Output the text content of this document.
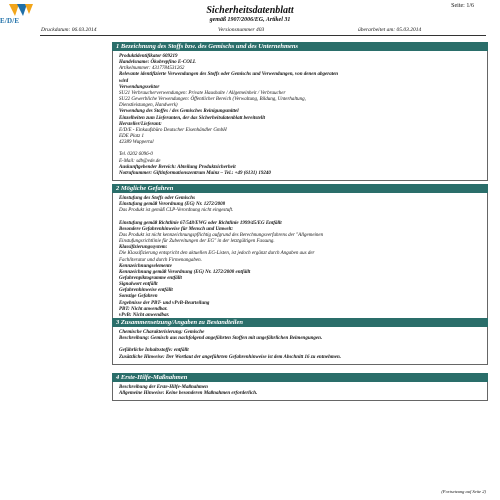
E/D/E
Seite: 1/6
Sicherheitsdatenblatt
gemäß 1907/2006/EG, Artikel 31
Druckdatum: 06.03.2014	Versionsnummer 403	überarbeitet am: 05.03.2014
1 Bezeichnung des Stoffs bzw. des Gemischs und des Unternehmens
Produktidentifikator 609219
Handelsname: Ökobrepfino E-COLL
Artikelnummer: 4317784531262
Relevante identifizierte Verwendungen des Stoffs oder Gemischs und Verwendungen, von denen abgeraten
wird
Verwendungssektor
SU21 Verbraucherverwendungen: Private Haushalte / Allgemeinheit / Verbraucher
SU22 Gewerbliche Verwendungen: Öffentlicher Bereich (Verwaltung, Bildung, Unterhaltung,
Dienstleistungen, Handwerk)
Verwendung des Stoffes / des Gemisches Reinigungsmittel
Einzelheiten zum Lieferanten, der das Sicherheitsdatenblatt bereitstellt
Hersteller/Lieferant:
E/D/E - Einkaufsbüro Deutscher Eisenhändler GmbH
EDE Platz 1
42389 Wuppertal
Tel. 0202 6096-0
E-Mail: sdb@ede.de
Auskunftgebender Bereich: Abteilung Produktsicherheit
Notrufnummer: Giftinformationszentrum Mainz – Tel.: +49 (6131) 19240
2 Mögliche Gefahren
Einstufung des Stoffs oder Gemischs
Einstufung gemäß Verordnung (EG) Nr. 1272/2008
Das Produkt ist gemäß CLP-Verordnung nicht eingestuft.
Einstufung gemäß Richtlinie 67/548/EWG oder Richtlinie 1999/45/EG Entfällt
Besondere Gefahrenhinweise für Mensch und Umwelt:
Das Produkt ist nicht kennzeichnungspflichtig aufgrund des Berechnungsverfahrens der "Allgemeinen
Einstufungsrichtlinie für Zubereitungen der EG" in der letztgültigen Fassung.
Klassifizierungssystem:
Die Klassifizierung entspricht den aktuellen EG-Listen, ist jedoch ergänzt durch Angaben aus der
Fachliteratur und durch Firmenangaben.
Kennzeichnungselemente
Kennzeichnung gemäß Verordnung (EG) Nr. 1272/2008 entfällt
Gefahrenpiktogramme entfällt
Signalwort entfällt
Gefahrenhinweise entfällt
Sonstige Gefahren
Ergebnisse der PBT- und vPvB-Beurteilung
PBT: Nicht anwendbar.
vPvB: Nicht anwendbar.
3 Zusammensetzung/Angaben zu Bestandteilen
Chemische Charakterisierung: Gemische
Beschreibung: Gemisch aus nachfolgend angeführten Stoffen mit ungefährlichen Beimengungen.
Gefährliche Inhaltsstoffe: entfällt
Zusätzliche Hinweise: Der Wortlaut der angeführten Gefahrenhinweise ist dem Abschnitt 16 zu entnehmen.
4 Erste-Hilfe-Maßnahmen
Beschreibung der Erste-Hilfe-Maßnahmen
Allgemeine Hinweise: Keine besonderen Maßnahmen erforderlich.
(Fortsetzung auf Seite 2)
